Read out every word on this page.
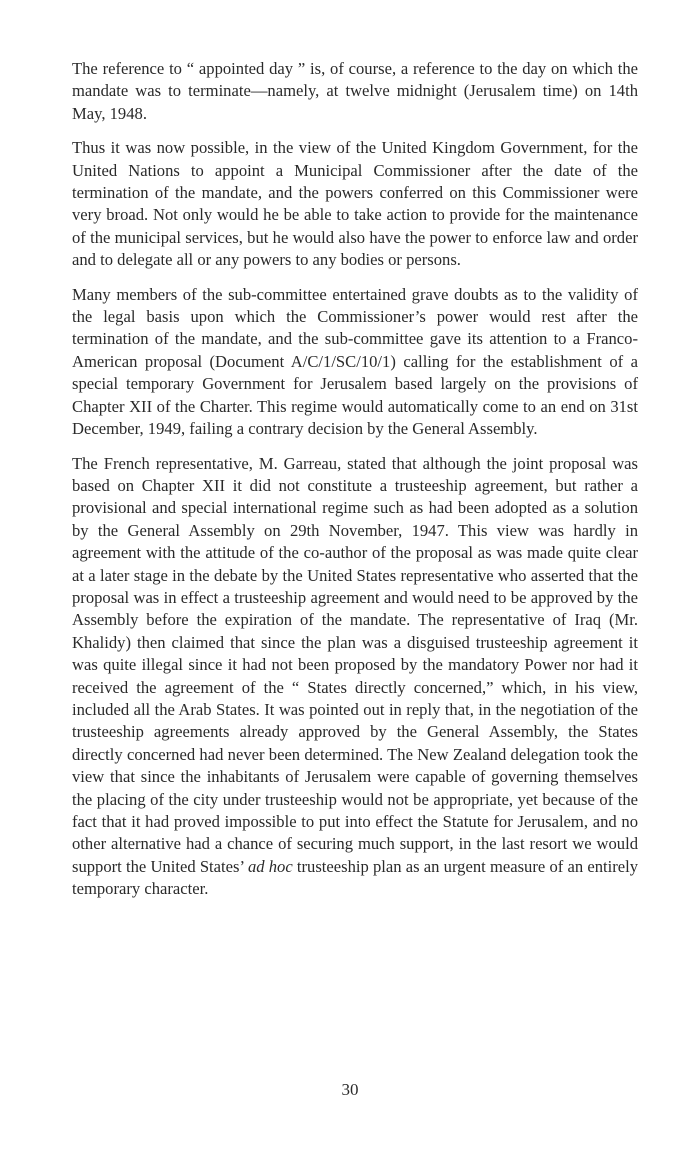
The reference to “ appointed day ” is, of course, a reference to the day on which the mandate was to terminate—namely, at twelve midnight (Jerusalem time) on 14th May, 1948.

Thus it was now possible, in the view of the United Kingdom Government, for the United Nations to appoint a Municipal Commissioner after the date of the termination of the mandate, and the powers conferred on this Commissioner were very broad. Not only would he be able to take action to provide for the maintenance of the municipal services, but he would also have the power to enforce law and order and to delegate all or any powers to any bodies or persons.

Many members of the sub-committee entertained grave doubts as to the validity of the legal basis upon which the Commissioner’s power would rest after the termination of the mandate, and the sub-committee gave its attention to a Franco-American proposal (Document A/C/1/SC/10/1) calling for the establishment of a special temporary Government for Jerusalem based largely on the provisions of Chapter XII of the Charter. This regime would automatically come to an end on 31st December, 1949, failing a contrary decision by the General Assembly.

The French representative, M. Garreau, stated that although the joint proposal was based on Chapter XII it did not constitute a trusteeship agreement, but rather a provisional and special international regime such as had been adopted as a solution by the General Assembly on 29th November, 1947. This view was hardly in agreement with the attitude of the co-author of the proposal as was made quite clear at a later stage in the debate by the United States representative who asserted that the proposal was in effect a trusteeship agreement and would need to be approved by the Assembly before the expiration of the mandate. The representative of Iraq (Mr. Khalidy) then claimed that since the plan was a disguised trusteeship agreement it was quite illegal since it had not been proposed by the mandatory Power nor had it received the agreement of the “ States directly concerned,” which, in his view, included all the Arab States. It was pointed out in reply that, in the negotiation of the trusteeship agreements already approved by the General Assembly, the States directly concerned had never been determined. The New Zealand delegation took the view that since the inhabitants of Jerusalem were capable of governing themselves the placing of the city under trusteeship would not be appropriate, yet because of the fact that it had proved impossible to put into effect the Statute for Jerusalem, and no other alternative had a chance of securing much support, in the last resort we would support the United States’ ad hoc trusteeship plan as an urgent measure of an entirely temporary character.

30
